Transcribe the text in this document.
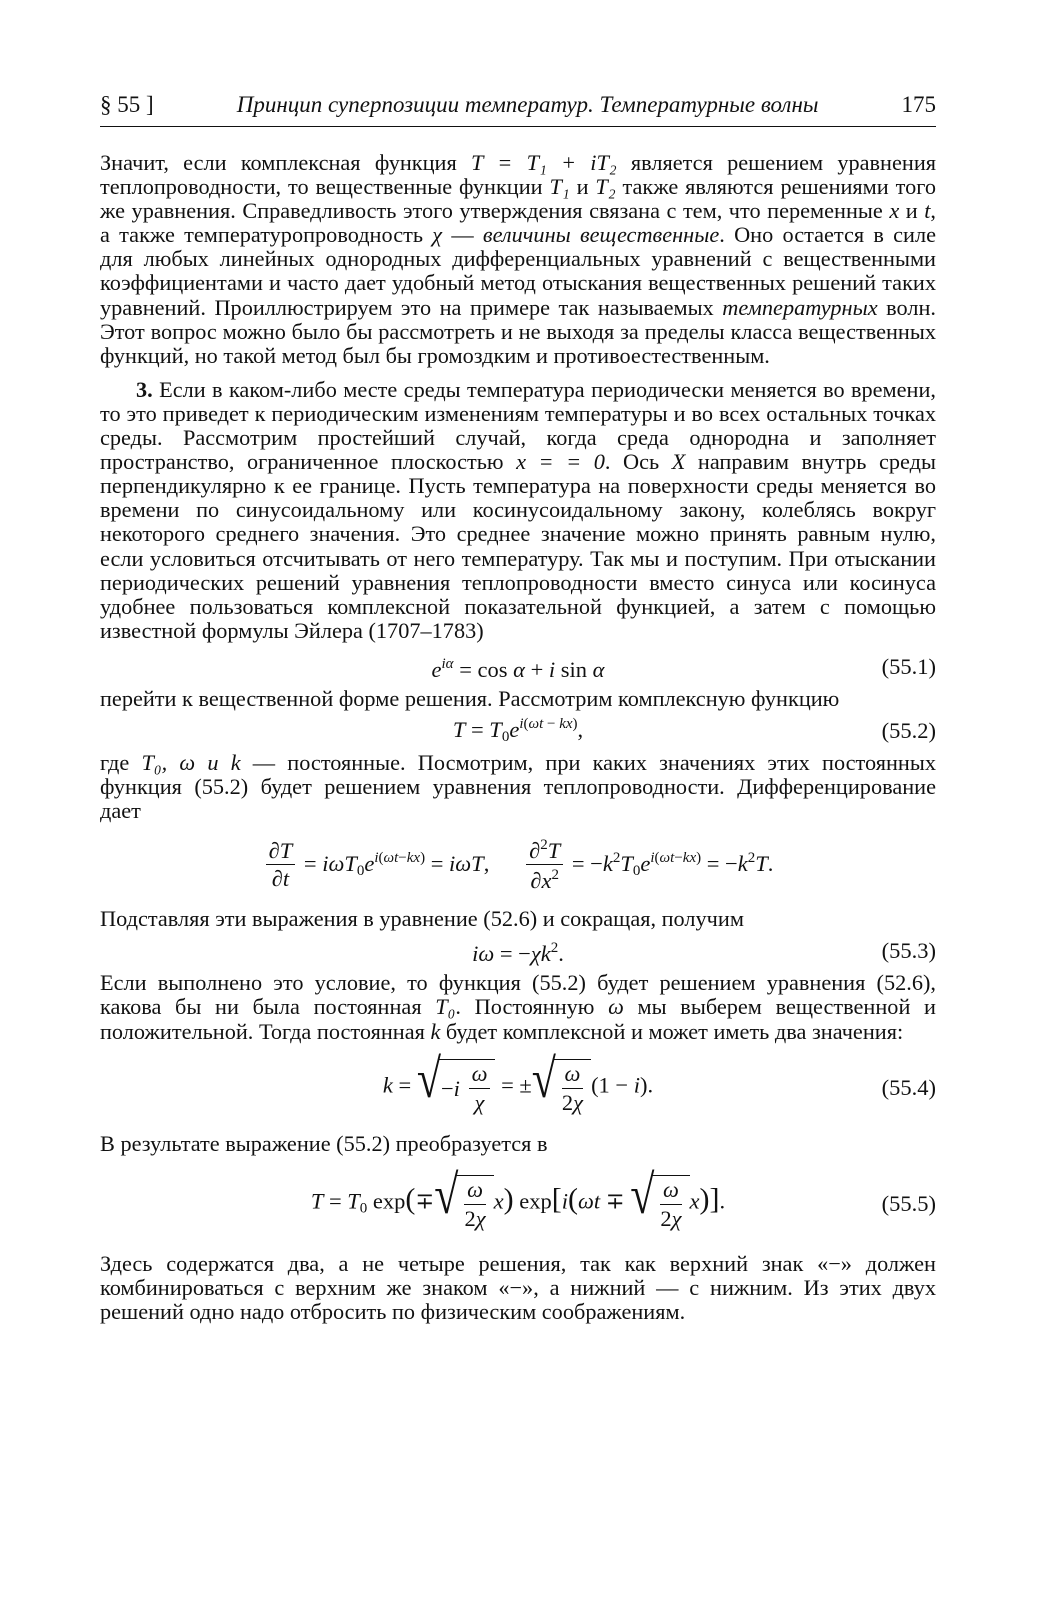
§ 55 ]	Принцип суперпозиции температур. Температурные волны	175

Значит, если комплексная функция T = T₁ + iT₂ является решением уравнения теплопроводности, то вещественные функции T₁ и T₂ также являются решениями того же уравнения. Справедливость этого утверждения связана с тем, что переменные x и t, а также температуропроводность χ — величины вещественные. Оно остается в силе для любых линейных однородных дифференциальных уравнений с вещественными коэффициентами и часто дает удобный метод отыскания вещественных решений таких уравнений. Проиллюстрируем это на примере так называемых температурных волн. Этот вопрос можно было бы рассмотреть и не выходя за пределы класса вещественных функций, но такой метод был бы громоздким и противоестественным.

3. Если в каком-либо месте среды температура периодически меняется во времени, то это приведет к периодическим изменениям температуры и во всех остальных точках среды. Рассмотрим простейший случай, когда среда однородна и заполняет пространство, ограниченное плоскостью x = = 0. Ось X направим внутрь среды перпендикулярно к ее границе. Пусть температура на поверхности среды меняется во времени по синусоидальному или косинусоидальному закону, колеблясь вокруг некоторого среднего значения. Это среднее значение можно принять равным нулю, если условиться отсчитывать от него температуру. Так мы и поступим. При отыскании периодических решений уравнения теплопроводности вместо синуса или косинуса удобнее пользоваться комплексной показательной функцией, а затем с помощью известной формулы Эйлера (1707–1783)

$e^{i\alpha} = \cos \alpha + i$ sin α	(55.1)

перейти к вещественной форме решения. Рассмотрим комплексную функцию

$T = T_0e^{i(\omega t - kx)}$,	(55.2)

где T₀, ω и k — постоянные. Посмотрим, при каких значениях этих постоянных функция (55.2) будет решением уравнения теплопроводности. Дифференцирование дает

$\frac{\partial T}{\partial t} = i\omega T_0e^{i(\omega t-kx)} = i\omega T$, $\frac{\partial^2T}{\partial x^2} = -k^2T_0e^{i(\omega t-kx)} = -k^2T$.

Подставляя эти выражения в уравнение (52.6) и сокращая, получим

$i\omega = -\chi k^2$.	(55.3)

Если выполнено это условие, то функция (55.2) будет решением уравнения (52.6), какова бы ни была постоянная T₀. Постоянную ω мы выберем вещественной и положительной. Тогда постоянная k будет комплексной и может иметь два значения:

k = √ − i
$\frac{\omega}{\chi}$ = ± √ $\frac{\omega}{2\chi} (1 - i)$.	(55.4)

В результате выражение (55.2) преобразуется в

$T = T_0$ exp(∓ √ $\frac{\omega}{2\chi} x$) exp[i(ωt ∓ √ $\frac{\omega}{2\chi} x$)].	(55.5)

Здесь содержатся два, а не четыре решения, так как верхний знак «−» должен комбинироваться с верхним же знаком «−», а нижний — с нижним. Из этих двух решений одно надо отбросить по физическим соображениям.
